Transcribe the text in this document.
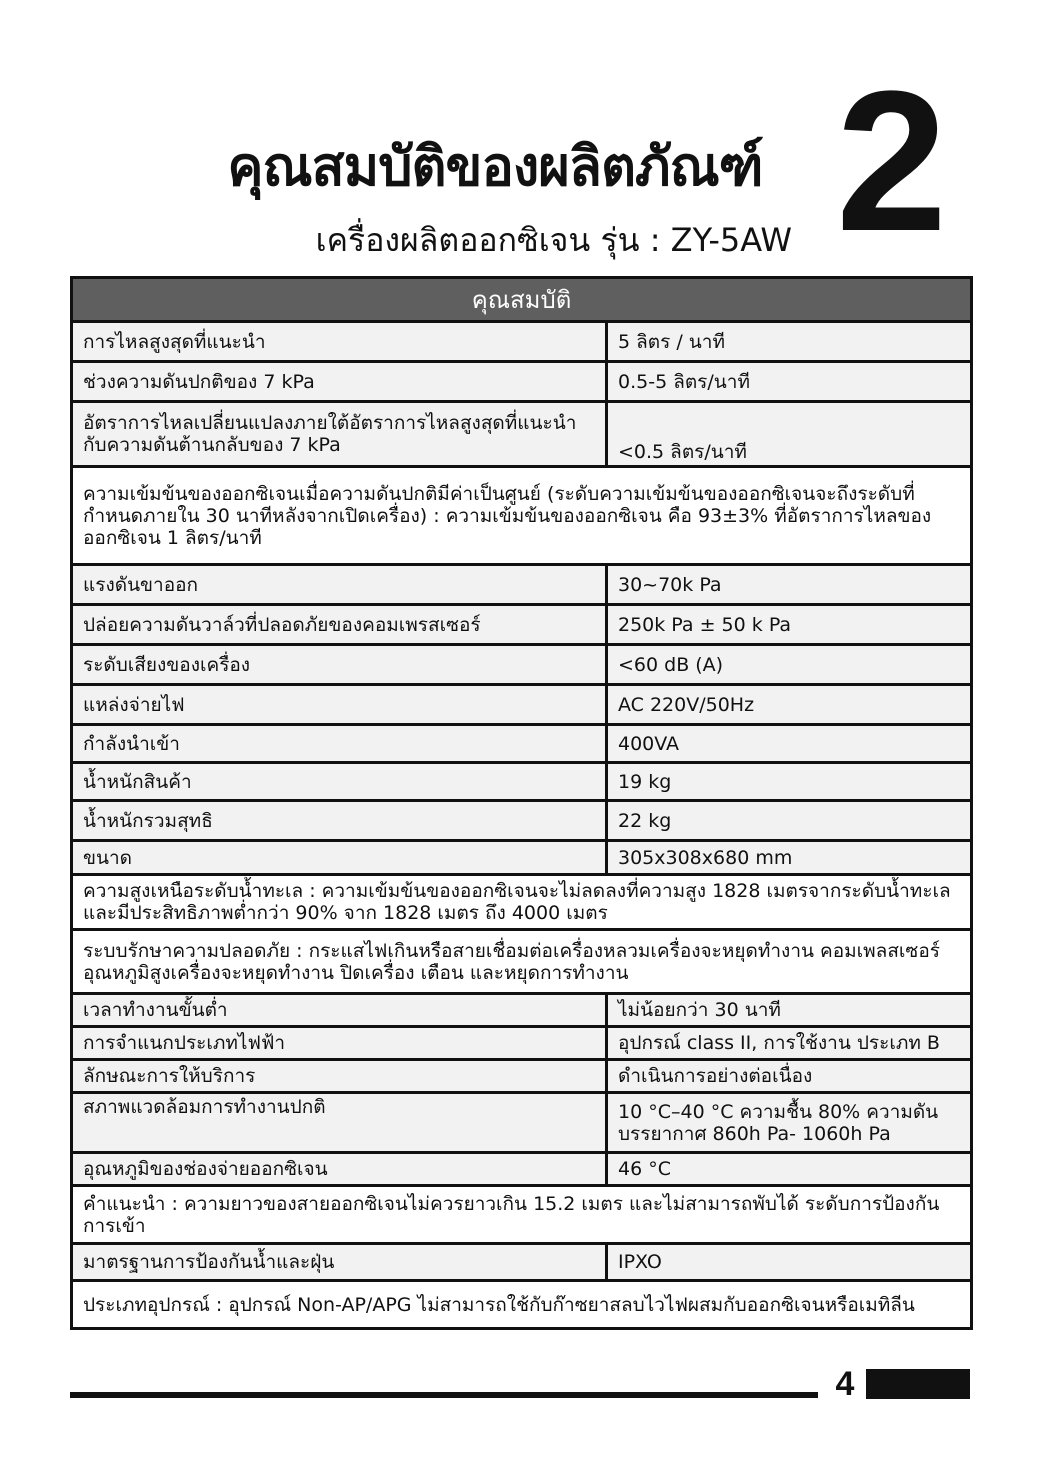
คุณสมบัติของผลิตภัณฑ์
เครื่องผลิตออกซิเจน รุ่น : ZY-5AW 2
คุณสมบัติ	
การไหลสูงสุดที่แนะนำ	5 ลิตร / นาที
ช่วงความดันปกติของ 7 kPa	0.5-5 ลิตร/นาที
อัตราการไหลเปลี่ยนแปลงภายใต้อัตราการไหลสูงสุดที่แนะนำกับความดันต้านกลับของ 7 kPa	<0.5 ลิตร/นาที
ความเข้มข้นของออกซิเจนเมื่อความดันปกติมีค่าเป็นศูนย์ (ระดับความเข้มข้นของออกซิเจนจะถึงระดับที่กำหนดภายใน 30 นาทีหลังจากเปิดเครื่อง) : ความเข้มข้นของออกซิเจน คือ 93±3% ที่อัตราการไหลของออกซิเจน 1 ลิตร/นาที	
แรงดันขาออก	30~70k Pa
ปล่อยความดันวาล์วที่ปลอดภัยของคอมเพรสเซอร์	250k Pa ± 50 k Pa
ระดับเสียงของเครื่อง	<60 dB (A)
แหล่งจ่ายไฟ	AC 220V/50Hz
กำลังนำเข้า	400VA
น้ำหนักสินค้า	19 kg
น้ำหนักรวมสุทธิ	22 kg
ขนาด	305x308x680 mm
ความสูงเหนือระดับน้ำทะเล : ความเข้มข้นของออกซิเจนจะไม่ลดลงที่ความสูง 1828 เมตรจากระดับน้ำทะเลและมีประสิทธิภาพต่ำกว่า 90% จาก 1828 เมตร ถึง 4000 เมตร	
ระบบรักษาความปลอดภัย : กระแสไฟเกินหรือสายเชื่อมต่อเครื่องหลวมเครื่องจะหยุดทำงาน คอมเพลสเซอร์อุณหภูมิสูงเครื่องจะหยุดทำงาน ปิดเครื่อง เตือน และหยุดการทำงาน	
เวลาทำงานขั้นต่ำ	ไม่น้อยกว่า 30 นาที
การจำแนกประเภทไฟฟ้า	อุปกรณ์ class II, การใช้งาน ประเภท B
ลักษณะการให้บริการ	ดำเนินการอย่างต่อเนื่อง
สภาพแวดล้อมการทำงานปกติ	10 °C–40 °C ความชื้น 80% ความดันบรรยากาศ 860h Pa- 1060h Pa
อุณหภูมิของช่องจ่ายออกซิเจน	46 °C
คำแนะนำ : ความยาวของสายออกซิเจนไม่ควรยาวเกิน 15.2 เมตร และไม่สามารถพับได้ ระดับการป้องกันการเข้า	
มาตรฐานการป้องกันน้ำและฝุ่น	IPXO
ประเภทอุปกรณ์ : อุปกรณ์ Non-AP/APG ไม่สามารถใช้กับก๊าซยาสลบไวไฟผสมกับออกซิเจนหรือเมทิลีน	
4
